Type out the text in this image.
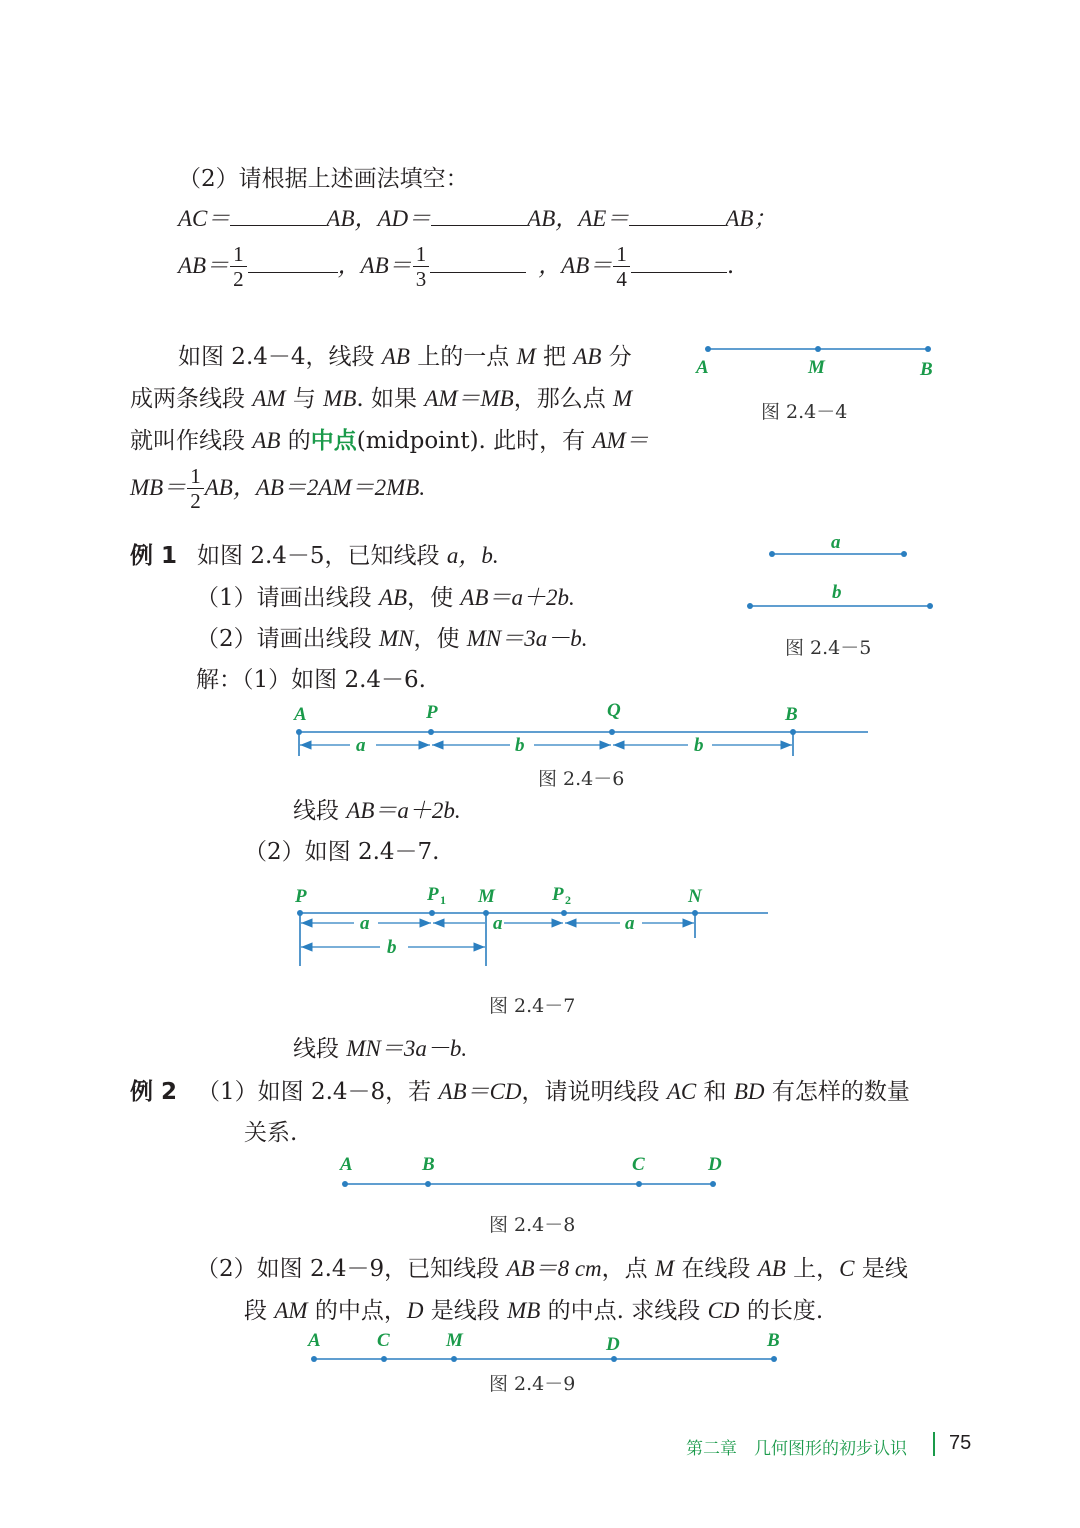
（2）请根据上述画法填空：
AC＝	AB，AD＝	AB，AE＝	AB；
$AB= \frac{1}{2}$	，$AB= \frac{1}{3}$	，$AB= \frac{1}{4}$	.
如图 2.4－4，线段 AB 上的一点 M 把 AB 分
成两条线段 AM 与 MB. 如果 AM＝MB，那么点 M
就叫作线段 AB 的中点(midpoint). 此时，有 AM＝
$MB= \frac{1}{2}$ AB，AB＝2AM＝2MB.
A	M	B
图 2.4－4
例 1 如图 2.4－5，已知线段 a，b.
（1）请画出线段 AB，使 AB＝a＋2b.
（2）请画出线段 MN，使 MN＝3a－b.
解：（1）如图 2.4－6.
a
b
图 2.4－5
A	P	Q	B
a	b	b
图 2.4－6
线段 AB＝a＋2b.
（2）如图 2.4－7.
P	P 1 M	P 2	N
a	a	a
b
图 2.4－7
线段 MN＝3a－b.
例 2 （1）如图 2.4－8，若 AB＝CD，请说明线段 AC 和 BD 有怎样的数量
关系.
A	B	C	D
图 2.4－8
（2）如图 2.4－9，已知线段 AB＝8 cm，点 M 在线段 AB 上，C 是线
段 AM 的中点，D 是线段 MB 的中点. 求线段 CD 的长度.
A	C	M	D	B
图 2.4－9
第二章　几何图形的初步认识 75
